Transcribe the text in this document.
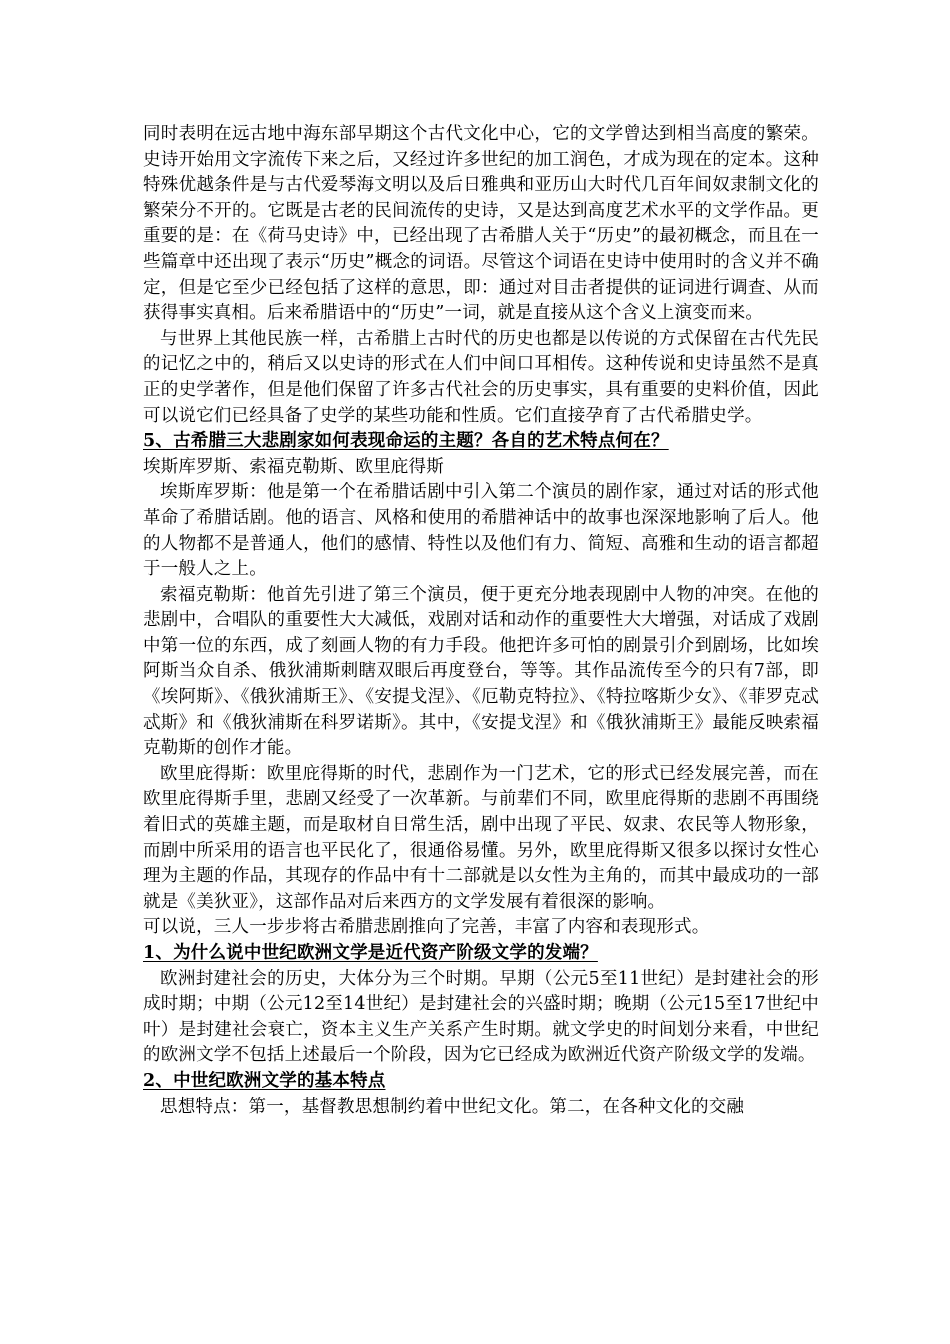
同时表明在远古地中海东部早期这个古代文化中心，它的文学曾达到相当高度的繁荣。史诗开始用文字流传下来之后，又经过许多世纪的加工润色，才成为现在的定本。这种特殊优越条件是与古代爱琴海文明以及后日雅典和亚历山大时代几百年间奴隶制文化的繁荣分不开的。它既是古老的民间流传的史诗，又是达到高度艺术水平的文学作品。更重要的是：在《荷马史诗》中，已经出现了古希腊人关于“历史”的最初概念，而且在一些篇章中还出现了表示“历史”概念的词语。尽管这个词语在史诗中使用时的含义并不确定，但是它至少已经包括了这样的意思，即：通过对目击者提供的证词进行调查、从而获得事实真相。后来希腊语中的“历史”一词，就是直接从这个含义上演变而来。

与世界上其他民族一样，古希腊上古时代的历史也都是以传说的方式保留在古代先民的记忆之中的，稍后又以史诗的形式在人们中间口耳相传。这种传说和史诗虽然不是真正的史学著作，但是他们保留了许多古代社会的历史事实，具有重要的史料价值，因此可以说它们已经具备了史学的某些功能和性质。它们直接孕育了古代希腊史学。

5、古希腊三大悲剧家如何表现命运的主题？各自的艺术特点何在？

埃斯库罗斯、索福克勒斯、欧里庇得斯

埃斯库罗斯：他是第一个在希腊话剧中引入第二个演员的剧作家，通过对话的形式他革命了希腊话剧。他的语言、风格和使用的希腊神话中的故事也深深地影响了后人。他的人物都不是普通人，他们的感情、特性以及他们有力、简短、高雅和生动的语言都超于一般人之上。

索福克勒斯：他首先引进了第三个演员，便于更充分地表现剧中人物的冲突。在他的悲剧中，合唱队的重要性大大减低，戏剧对话和动作的重要性大大增强，对话成了戏剧中第一位的东西，成了刻画人物的有力手段。他把许多可怕的剧景引介到剧场，比如埃阿斯当众自杀、俄狄浦斯刺瞎双眼后再度登台，等等。其作品流传至今的只有7部，即《埃阿斯》、《俄狄浦斯王》、《安提戈涅》、《厄勒克特拉》、《特拉喀斯少女》、《菲罗克忒忒斯》和《俄狄浦斯在科罗诺斯》。其中，《安提戈涅》和《俄狄浦斯王》最能反映索福克勒斯的创作才能。

欧里庇得斯：欧里庇得斯的时代，悲剧作为一门艺术，它的形式已经发展完善，而在欧里庇得斯手里，悲剧又经受了一次革新。与前辈们不同，欧里庇得斯的悲剧不再围绕着旧式的英雄主题，而是取材自日常生活，剧中出现了平民、奴隶、农民等人物形象，而剧中所采用的语言也平民化了，很通俗易懂。另外，欧里庇得斯又很多以探讨女性心理为主题的作品，其现存的作品中有十二部就是以女性为主角的，而其中最成功的一部就是《美狄亚》，这部作品对后来西方的文学发展有着很深的影响。

可以说，三人一步步将古希腊悲剧推向了完善，丰富了内容和表现形式。

1、为什么说中世纪欧洲文学是近代资产阶级文学的发端？

欧洲封建社会的历史，大体分为三个时期。早期（公元5至11世纪）是封建社会的形成时期；中期（公元12至14世纪）是封建社会的兴盛时期；晚期（公元15至17世纪中叶）是封建社会衰亡，资本主义生产关系产生时期。就文学史的时间划分来看，中世纪的欧洲文学不包括上述最后一个阶段，因为它已经成为欧洲近代资产阶级文学的发端。

2、中世纪欧洲文学的基本特点

思想特点：第一，基督教思想制约着中世纪文化。第二，在各种文化的交融
